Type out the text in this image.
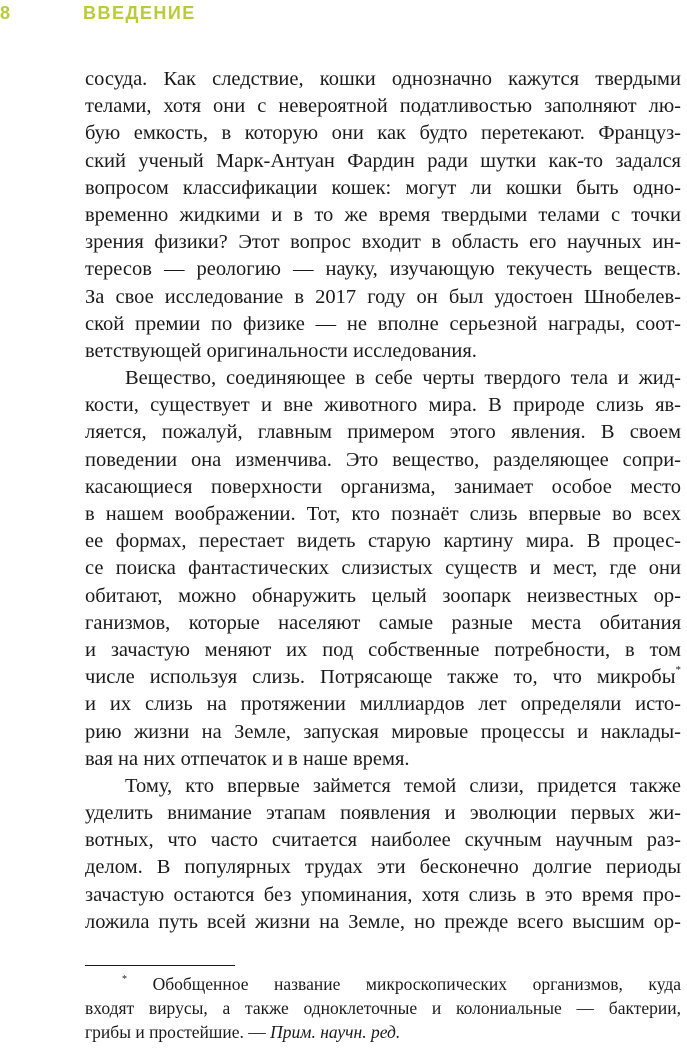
8	ВВЕДЕНИЕ
сосуда. Как следствие, кошки однозначно кажутся твердыми
телами, хотя они с невероятной податливостью заполняют лю-
бую емкость, в которую они как будто перетекают. Француз-
ский ученый Марк-Антуан Фардин ради шутки как-то задался
вопросом классификации кошек: могут ли кошки быть одно-
временно жидкими и в то же время твердыми телами с точки
зрения физики? Этот вопрос входит в область его научных ин-
тересов — реологию — науку, изучающую текучесть веществ.
За свое исследование в 2017 году он был удостоен Шнобелев-
ской премии по физике — не вполне серьезной награды, соот-
ветствующей оригинальности исследования.
Вещество, соединяющее в себе черты твердого тела и жид-
кости, существует и вне животного мира. В природе слизь яв-
ляется, пожалуй, главным примером этого явления. В своем
поведении она изменчива. Это вещество, разделяющее сопри-
касающиеся поверхности организма, занимает особое место
в нашем воображении. Тот, кто познаёт слизь впервые во всех
ее формах, перестает видеть старую картину мира. В процес-
се поиска фантастических слизистых существ и мест, где они
обитают, можно обнаружить целый зоопарк неизвестных ор-
ганизмов, которые населяют самые разные места обитания
и зачастую меняют их под собственные потребности, в том
числе используя слизь. Потрясающе также то, что микробы*
и их слизь на протяжении миллиардов лет определяли исто-
рию жизни на Земле, запуская мировые процессы и наклады-
вая на них отпечаток и в наше время.
Тому, кто впервые займется темой слизи, придется также
уделить внимание этапам появления и эволюции первых жи-
вотных, что часто считается наиболее скучным научным раз-
делом. В популярных трудах эти бесконечно долгие периоды
зачастую остаются без упоминания, хотя слизь в это время про-
ложила путь всей жизни на Земле, но прежде всего высшим ор-
* Обобщенное название микроскопических организмов, куда
входят вирусы, а также одноклеточные и колониальные — бактерии,
грибы и простейшие. — Прим. научн. ред.
